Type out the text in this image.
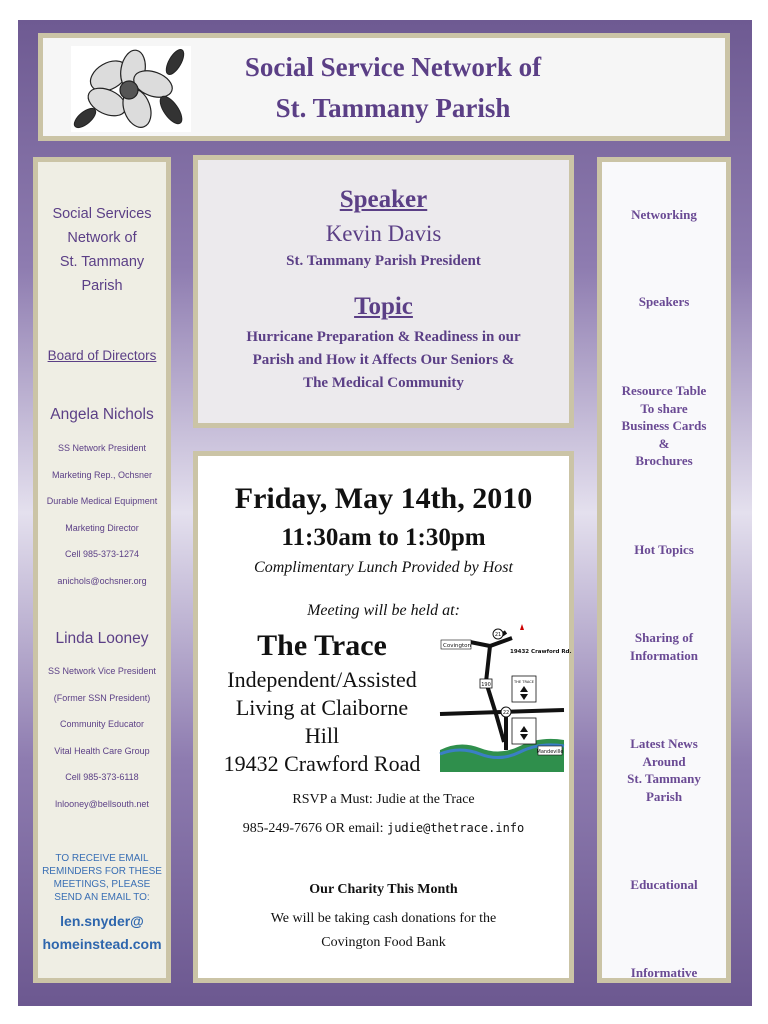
Social Service Network of
St. Tammany Parish
Social Services
Network of
St. Tammany
Parish
Board of Directors
Angela Nichols
SS Network President
Marketing Rep., Ochsner
Durable Medical Equipment
Marketing Director
Cell 985-373-1274
anichols@ochsner.org
Linda Looney
SS Network Vice President
(Former SSN President)
Community Educator
Vital Health Care Group
Cell 985-373-6118
lnlooney@bellsouth.net
TO RECEIVE EMAIL REMINDERS FOR THESE MEETINGS, PLEASE SEND AN EMAIL TO:
len.snyder@
homeinstead.com
Speaker
Kevin Davis
St. Tammany Parish President
Topic
Hurricane Preparation & Readiness in our
Parish and How it Affects Our Seniors &
The Medical Community
Friday, May 14th, 2010
11:30am to 1:30pm
Complimentary Lunch Provided by Host
Meeting will be held at:
The Trace
Independent/Assisted
Living at Claiborne
Hill
19432 Crawford Road
Covington
19432 Crawford Rd.
21
190
22
THE TRACE
Mandeville
RSVP a Must: Judie at the Trace
985-249-7676 OR email: judie@thetrace.info
Our Charity This Month
We will be taking cash donations for the
Covington Food Bank
Networking
Speakers
Resource Table
To share
Business Cards
&
Brochures
Hot Topics
Sharing of
Information
Latest News
Around
St. Tammany
Parish
Educational
Informative
